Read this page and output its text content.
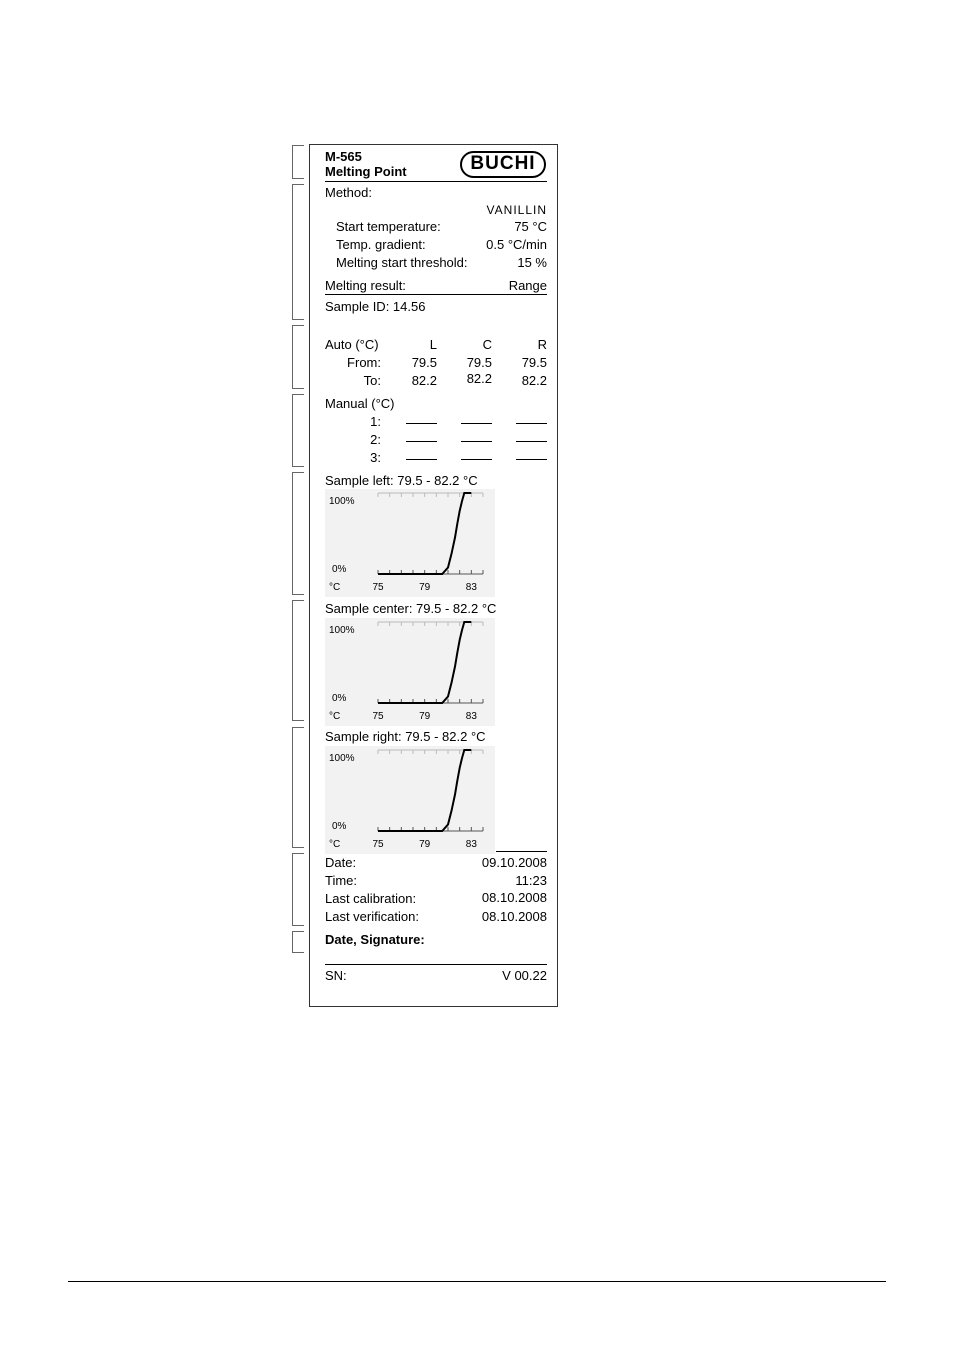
M-565
Melting Point	BUCHI
Method:
VANILLIN
Start temperature:	75 °C
Temp. gradient:	0.5 °C/min
Melting start threshold:	15 %
Melting result:	Range
Sample ID: 14.56
Auto (°C)	L	C	R
From: 79.5 79.5 79.5
To: 82.2 82.2 82.2
Manual (°C)
1:
2:
3:
Sample left: 79.5 - 82.2 °C
100%
0%
°C	75	79	83
Sample center: 79.5 - 82.2 °C
100%
0%
°C	75	79	83
Sample right: 79.5 - 82.2 °C
100%
0%
°C	75	79	83
Date:	09.10.2008
Time:	11:23
Last calibration:	08.10.2008
Last verification:	08.10.2008
Date, Signature:
SN:	V 00.22
